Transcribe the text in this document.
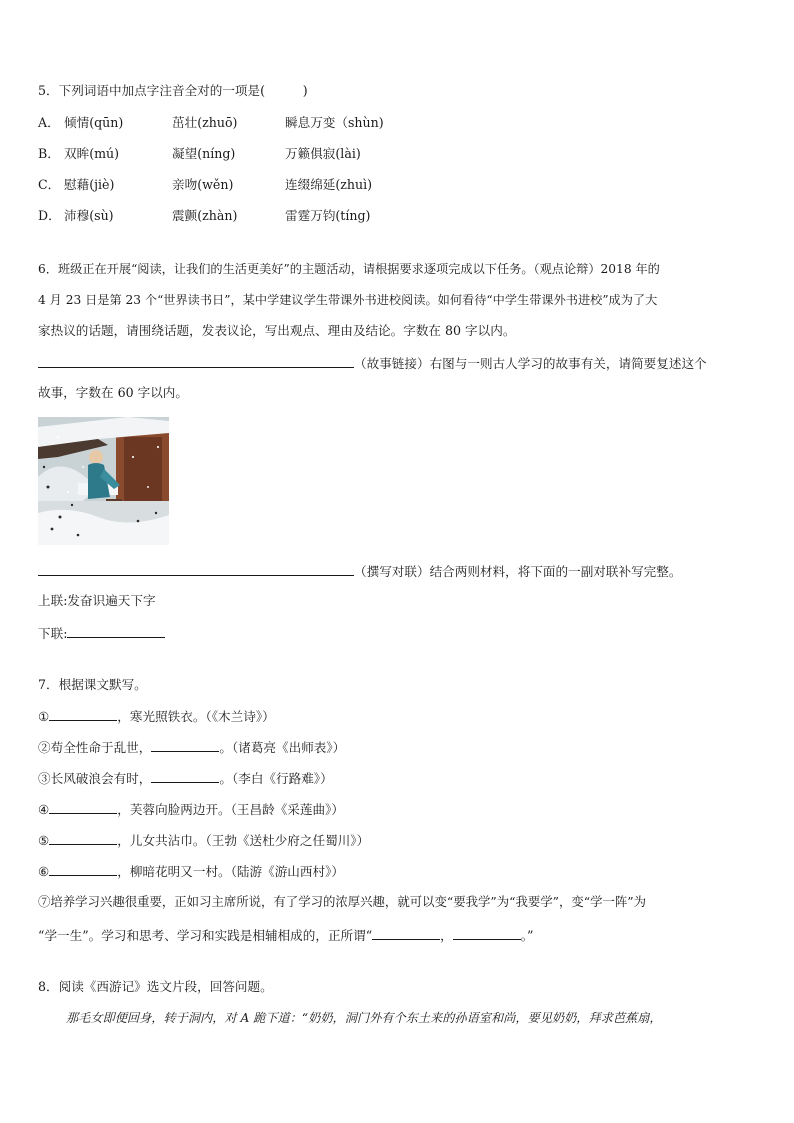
5．下列词语中加点字注音全对的一项是(　　　)
A． 倾情(qūn)	茁壮(zhuō)	瞬息万变（shùn)
B． 双眸(mú)	凝望(níng)	万籁俱寂(lài)
C． 慰藉(jiè)	亲吻(wěn)	连缀绵延(zhuì)
D． 沛穆(sù)	震颤(zhàn)	雷霆万钧(tíng)
6．班级正在开展“阅读，让我们的生活更美好”的主题活动，请根据要求逐项完成以下任务。（观点论辩）2018 年的
4 月 23 日是第 23 个“世界读书日”，某中学建议学生带课外书进校阅读。如何看待“中学生带课外书进校”成为了大
家热议的话题，请围绕话题，发表议论，写出观点、理由及结论。字数在 80 字以内。
（故事链接）右图与一则古人学习的故事有关，请简要复述这个
故事，字数在 60 字以内。
（撰写对联）结合两则材料，将下面的一副对联补写完整。
上联:发奋识遍天下字
下联:
7．根据课文默写。
①	，寒光照铁衣。（《木兰诗》）
②苟全性命于乱世，	。（诸葛亮《出师表》）
③长风破浪会有时，	。（李白《行路难》）
④	，芙蓉向脸两边开。（王昌龄《采莲曲》）
⑤	，儿女共沾巾。（王勃《送杜少府之任蜀川》）
⑥	，柳暗花明又一村。（陆游《游山西村》）
⑦培养学习兴趣很重要，正如习主席所说，有了学习的浓厚兴趣，就可以变“要我学”为“我要学”，变“学一阵”为
“学一生”。学习和思考、学习和实践是相辅相成的，正所谓“	，	。”
8．阅读《西游记》选文片段，回答问题。
那毛女即便回身，转于洞内，对 A 跪下道：“奶奶，洞门外有个东土来的孙语室和尚，要见奶奶，拜求芭蕉扇，
